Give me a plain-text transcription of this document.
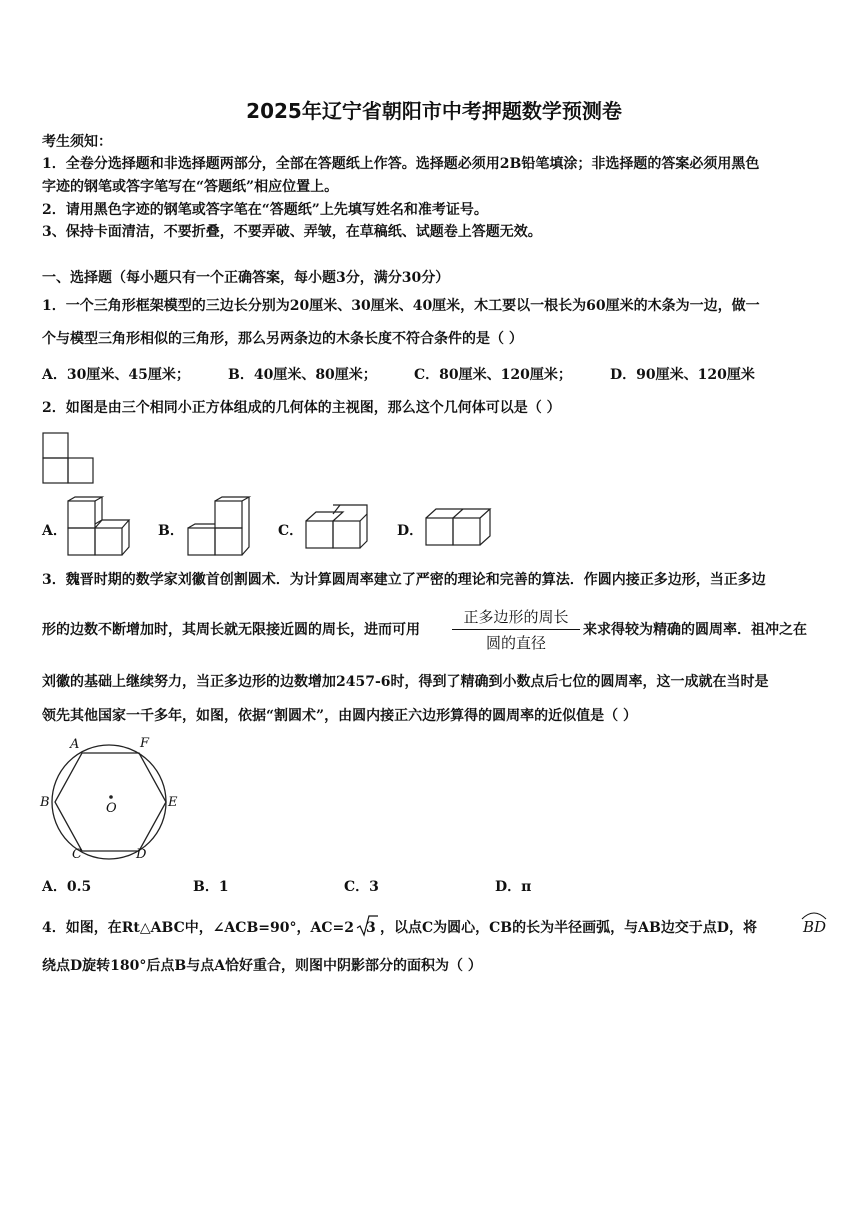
2025年辽宁省朝阳市中考押题数学预测卷
考生须知：
1．全卷分选择题和非选择题两部分，全部在答题纸上作答。选择题必须用2B铅笔填涂；非选择题的答案必须用黑色
字迹的钢笔或答字笔写在“答题纸”相应位置上。
2．请用黑色字迹的钢笔或答字笔在“答题纸”上先填写姓名和准考证号。
3、保持卡面清洁，不要折叠，不要弄破、弄皱，在草稿纸、试题卷上答题无效。
一、选择题（每小题只有一个正确答案，每小题3分，满分30分）
1．一个三角形框架模型的三边长分别为20厘米、30厘米、40厘米，木工要以一根长为60厘米的木条为一边，做一
个与模型三角形相似的三角形，那么另两条边的木条长度不符合条件的是（ ）
A．30厘米、45厘米；	B．40厘米、80厘米；	C．80厘米、120厘米；	D．90厘米、120厘米
2．如图是由三个相同小正方体组成的几何体的主视图，那么这个几何体可以是（ ）
A．	B．	C．	D．
3．魏晋时期的数学家刘徽首创割圆术．为计算圆周率建立了严密的理论和完善的算法．作圆内接正多边形，当正多边
形的边数不断增加时，其周长就无限接近圆的周长，进而可用
正多边形的周长
圆的直径
来求得较为精确的圆周率．祖冲之在
刘徽的基础上继续努力，当正多边形的边数增加2457-6时，得到了精确到小数点后七位的圆周率，这一成就在当时是
领先其他国家一千多年，如图，依据“割圆术”，由圆内接正六边形算得的圆周率的近似值是（ ）
A	F
B	O	E
C	D
A．0.5	B．1	C．3	D．π
4．如图，在Rt△ABC中，∠ACB=90°，AC=2 3 ，以点C为圆心，CB的长为半径画弧，与AB边交于点D，将	BD
绕点D旋转180°后点B与点A恰好重合，则图中阴影部分的面积为（ ）
